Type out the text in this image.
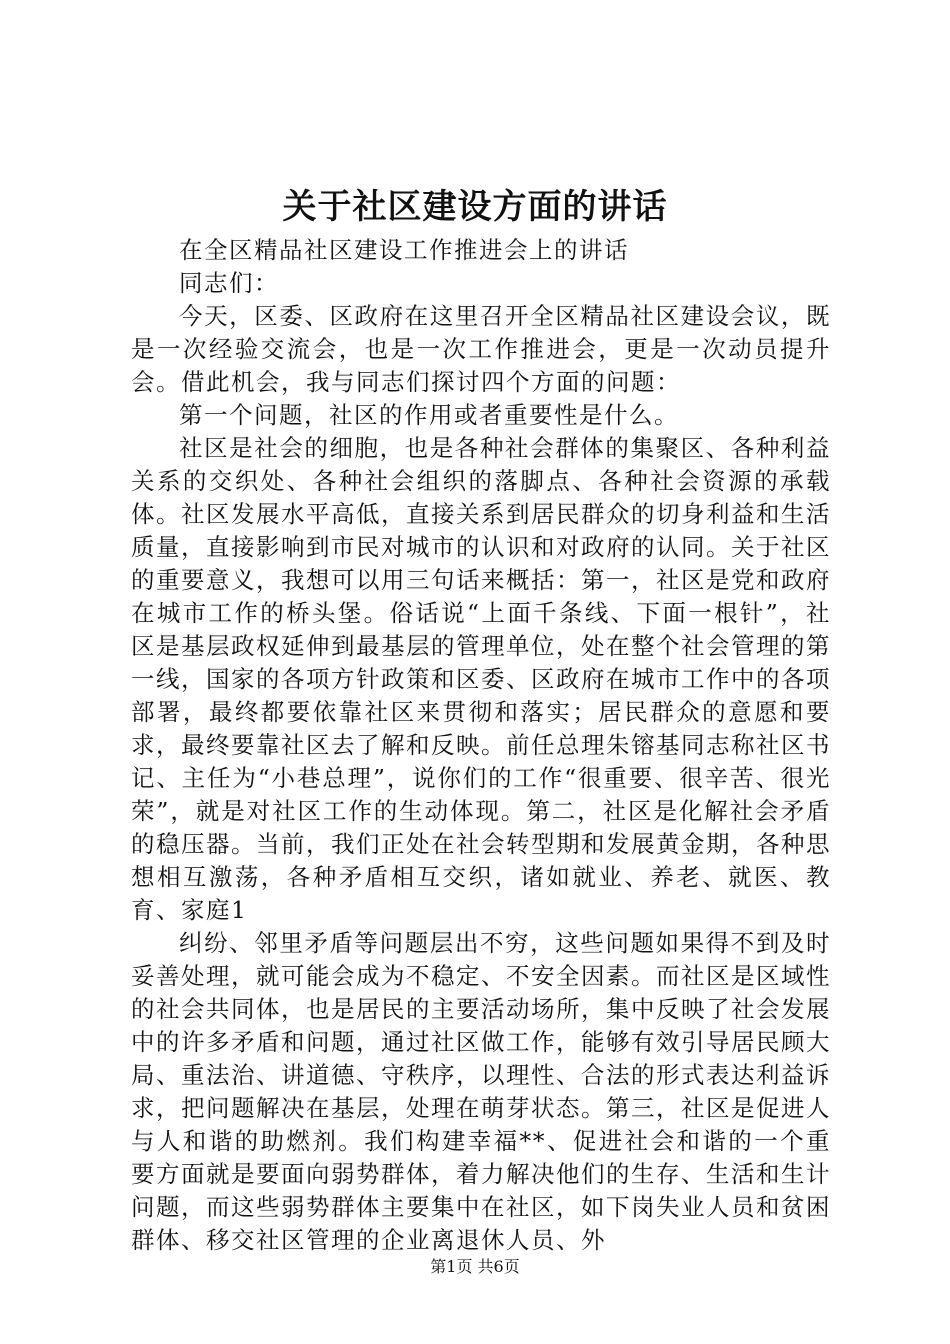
关于社区建设方面的讲话

在全区精品社区建设工作推进会上的讲话

同志们：

今天，区委、区政府在这里召开全区精品社区建设会议，既是一次经验交流会，也是一次工作推进会，更是一次动员提升会。借此机会，我与同志们探讨四个方面的问题：

第一个问题，社区的作用或者重要性是什么。

社区是社会的细胞，也是各种社会群体的集聚区、各种利益关系的交织处、各种社会组织的落脚点、各种社会资源的承载体。社区发展水平高低，直接关系到居民群众的切身利益和生活质量，直接影响到市民对城市的认识和对政府的认同。关于社区的重要意义，我想可以用三句话来概括：第一，社区是党和政府在城市工作的桥头堡。俗话说“上面千条线、下面一根针”，社区是基层政权延伸到最基层的管理单位，处在整个社会管理的第一线，国家的各项方针政策和区委、区政府在城市工作中的各项部署，最终都要依靠社区来贯彻和落实；居民群众的意愿和要求，最终要靠社区去了解和反映。前任总理朱镕基同志称社区书记、主任为“小巷总理”，说你们的工作“很重要、很辛苦、很光荣”，就是对社区工作的生动体现。第二，社区是化解社会矛盾的稳压器。当前，我们正处在社会转型期和发展黄金期，各种思想相互激荡，各种矛盾相互交织，诸如就业、养老、就医、教育、家庭1

纠纷、邻里矛盾等问题层出不穷，这些问题如果得不到及时妥善处理，就可能会成为不稳定、不安全因素。而社区是区域性的社会共同体，也是居民的主要活动场所，集中反映了社会发展中的许多矛盾和问题，通过社区做工作，能够有效引导居民顾大局、重法治、讲道德、守秩序，以理性、合法的形式表达利益诉求，把问题解决在基层，处理在萌芽状态。第三，社区是促进人与人和谐的助燃剂。我们构建幸福**、促进社会和谐的一个重要方面就是要面向弱势群体，着力解决他们的生存、生活和生计问题，而这些弱势群体主要集中在社区，如下岗失业人员和贫困群体、移交社区管理的企业离退休人员、外

第1页 共6页
